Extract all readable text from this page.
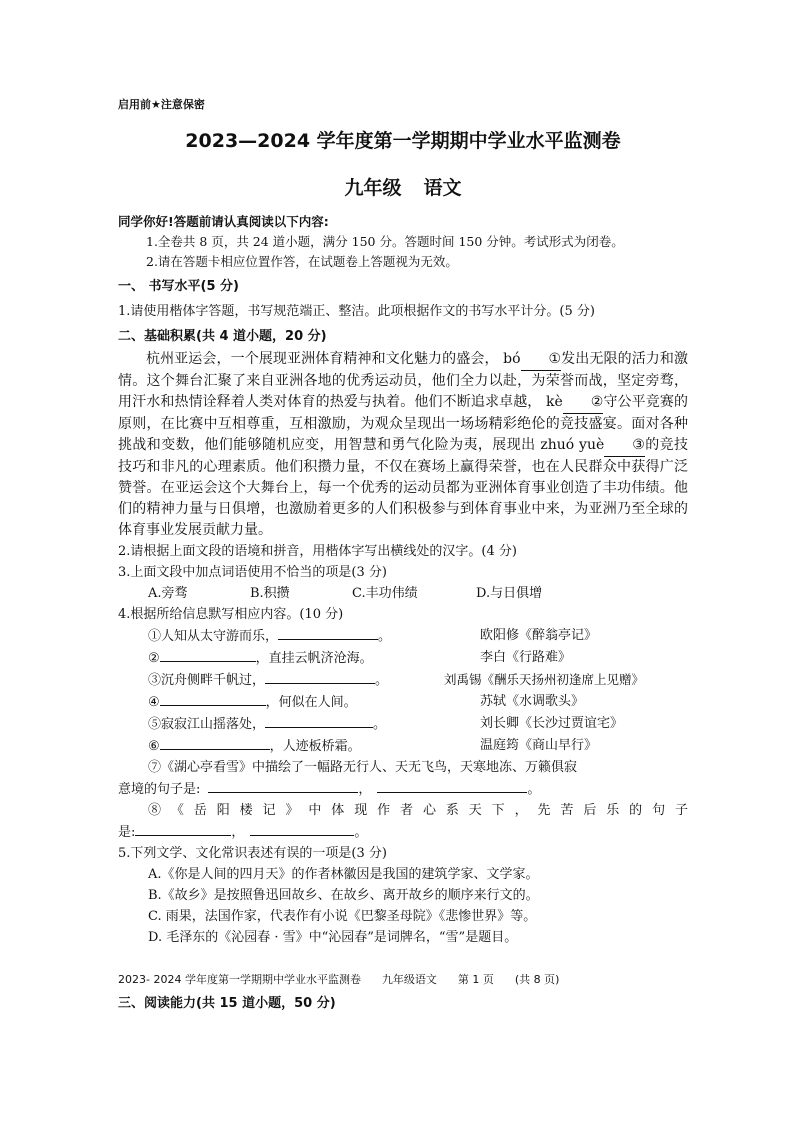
启用前★注意保密
2023—2024 学年度第一学期期中学业水平监测卷
九年级 语文
同学你好!答题前请认真阅读以下内容:
1.全卷共 8 页，共 24 道小题，满分 150 分。答题时间 150 分钟。考试形式为闭卷。
2.请在答题卡相应位置作答，在试题卷上答题视为无效。
一、 书写水平(5 分)
1.请使用楷体字答题，书写规范端正、整洁。此项根据作文的书写水平计分。(5 分)
二、基础积累(共 4 道小题，20 分)

杭州亚运会，一个展现亚洲体育精神和文化魅力的盛会， bó①发出无限的活力和激情。这个舞台汇聚了来自亚洲各地的优秀运动员，他们全力以赴，为荣誉而战，坚定旁骛，用汗水和热情诠释着人类对体育的热爱与执着。他们不断追求卓越， kè②守公平竞赛的原则，在比赛中互相尊重，互相激励，为观众呈现出一场场精彩绝伦的竞技盛宴。面对各种 挑战和变数，他们能够随机应变，用智慧和勇气化险为夷，展现出 zhuó yuè③的竞技技巧和非凡的心理素质。他们积攒力量，不仅在赛场上赢得荣誉，也在人民群众中获得广泛赞誉。在亚运会这个大舞台上，每一个优秀的运动员都为亚洲体育事业创造了丰功伟绩。他们的精神力量与日俱增，也激励着更多的人们积极参与到体育事业中来，为亚洲乃至全球的体育事业发展贡献力量。

2.请根据上面文段的语境和拼音，用楷体字写出横线处的汉字。(4 分)
3.上面文段中加点词语使用不恰当的项是(3 分)
A.旁骛	B.积攒	C.丰功伟绩	D.与日俱增
4.根据所给信息默写相应内容。(10 分)
①人知从太守游而乐，	。	欧阳修《醉翁亭记》
②	，直挂云帆济沧海。	李白《行路难》
③沉舟侧畔千帆过，	。	刘禹锡《酬乐天扬州初逢席上见赠》
④	，何似在人间。	苏轼《水调歌头》
⑤寂寂江山摇落处，	。	刘长卿《长沙过贾谊宅》
⑥	，人迹板桥霜。	温庭筠《商山早行》
⑦《湖心亭看雪》中描绘了一幅路无行人、天无飞鸟，天寒地冻、万籁俱寂
意境的句子是:	，	。
⑧《岳阳楼记》中体现作者心系天下，先苦后乐的句子
是:	，	。
5.下列文学、文化常识表述有误的一项是(3 分)
A.《你是人间的四月天》的作者林徽因是我国的建筑学家、文学家。
B.《故乡》是按照鲁迅回故乡、在故乡、离开故乡的顺序来行文的。
C. 雨果，法国作家，代表作有小说《巴黎圣母院》《悲惨世界》等。
D. 毛泽东的《沁园春 · 雪》中“沁园春”是词牌名，“雪”是题目。
2023- 2024 学年度第一学期期中学业水平监测卷      九年级语文      第 1 页      (共 8 页)
三、阅读能力(共 15 道小题，50 分)
